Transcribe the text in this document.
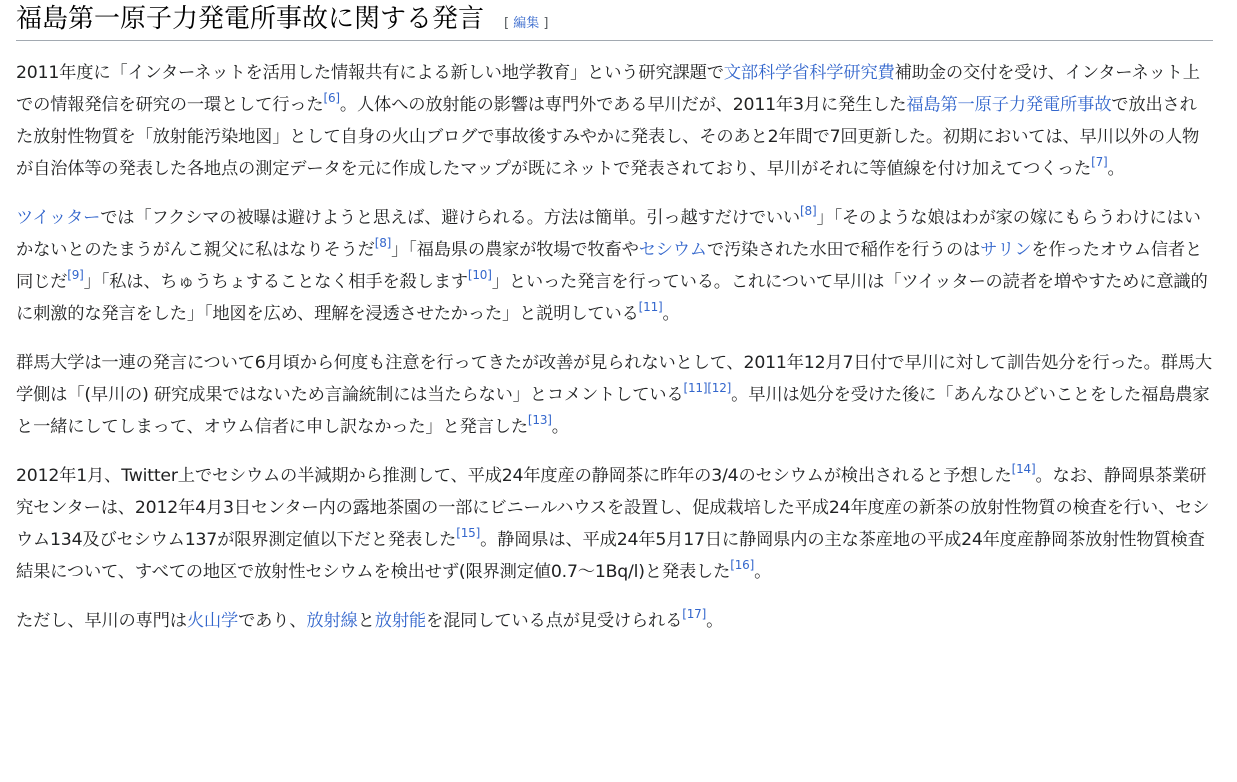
福島第一原子力発電所事故に関する発言 [ 編集 ]

2011年度に「インターネットを活用した情報共有による新しい地学教育」という研究課題で文部科学省科学研究費補助金の交付を受け、インターネット上での情報発信を研究の一環として行った[6]。人体への放射能の影響は専門外である早川だが、2011年3月に発生した福島第一原子力発電所事故で放出された放射性物質を「放射能汚染地図」として自身の火山ブログで事故後すみやかに発表し、そのあと2年間で7回更新した。初期においては、早川以外の人物が自治体等の発表した各地点の測定データを元に作成したマップが既にネットで発表されており、早川がそれに等値線を付け加えてつくった[7]。

ツイッターでは「フクシマの被曝は避けようと思えば、避けられる。方法は簡単。引っ越すだけでいい[8]」「そのような娘はわが家の嫁にもらうわけにはいかないとのたまうがんこ親父に私はなりそうだ[8]」「福島県の農家が牧場で牧畜やセシウムで汚染された水田で稲作を行うのはサリンを作ったオウム信者と同じだ[9]」「私は、ちゅうちょすることなく相手を殺します[10]」といった発言を行っている。これについて早川は「ツイッターの読者を増やすために意識的に刺激的な発言をした」「地図を広め、理解を浸透させたかった」と説明している[11]。

群馬大学は一連の発言について6月頃から何度も注意を行ってきたが改善が見られないとして、2011年12月7日付で早川に対して訓告処分を行った。群馬大学側は「(早川の) 研究成果ではないため言論統制には当たらない」とコメントしている[11][12]。早川は処分を受けた後に「あんなひどいことをした福島農家と一緒にしてしまって、オウム信者に申し訳なかった」と発言した[13]。

2012年1月、Twitter上でセシウムの半減期から推測して、平成24年度産の静岡茶に昨年の3/4のセシウムが検出されると予想した[14]。なお、静岡県茶業研究センターは、2012年4月3日センター内の露地茶園の一部にビニールハウスを設置し、促成栽培した平成24年度産の新茶の放射性物質の検査を行い、セシウム134及びセシウム137が限界測定値以下だと発表した[15]。静岡県は、平成24年5月17日に静岡県内の主な茶産地の平成24年度産静岡茶放射性物質検査結果について、すべての地区で放射性セシウムを検出せず(限界測定値0.7〜1Bq/l)と発表した[16]。

ただし、早川の専門は火山学であり、放射線と放射能を混同している点が見受けられる[17]。
